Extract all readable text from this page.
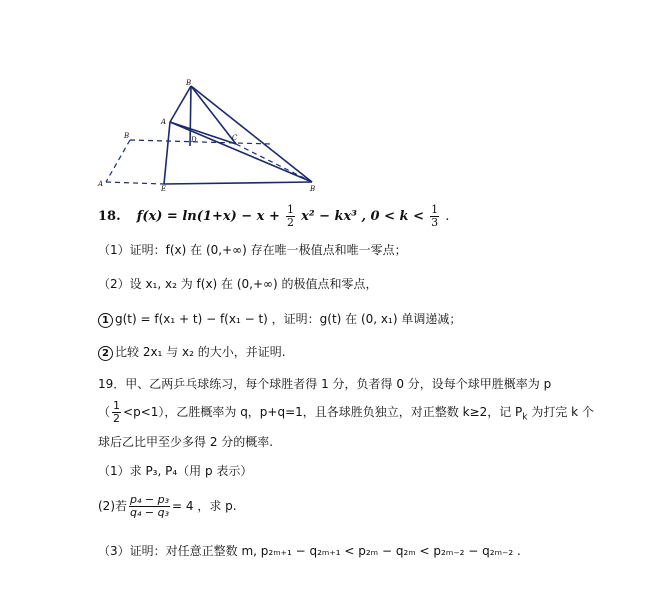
B
A
D	C
E	B
B
A
18. $f(x) = \ln(1+x) - x + \frac{1}{2} x^2 - kx^3$ , $0 < k < \frac{1}{3}$ .
（1）证明：f(x) 在 (0,+∞) 存在唯一极值点和唯一零点；
（2）设 x₁, x₂ 为 f(x) 在 (0,+∞) 的极值点和零点，
1 g(t) = f(x₁ + t) − f(x₁ − t) ，证明：g(t) 在 (0, x₁) 单调递减；
2 比较 2x₁ 与 x₂ 的大小，并证明.
19．甲、乙两乒乓球练习，每个球胜者得 1 分，负者得 0 分，设每个球甲胜概率为 p
（ $\frac{1}{2} <p<1$），乙胜概率为 q，p+q=1，且各球胜负独立，对正整数 k≥2，记 $P_k$ 为打完 k 个
球后乙比甲至少多得 2 分的概率.
（1）求 P₃, P₄（用 p 表示）
(2)若 $\frac{\text{p₄ − p₃}}{\text{q₄ − q₃}} = 4$ ，求 p.
（3）证明：对任意正整数 m, p₂ₘ₊₁ − q₂ₘ₊₁ < p₂ₘ − q₂ₘ < p₂ₘ₋₂ − q₂ₘ₋₂ .
